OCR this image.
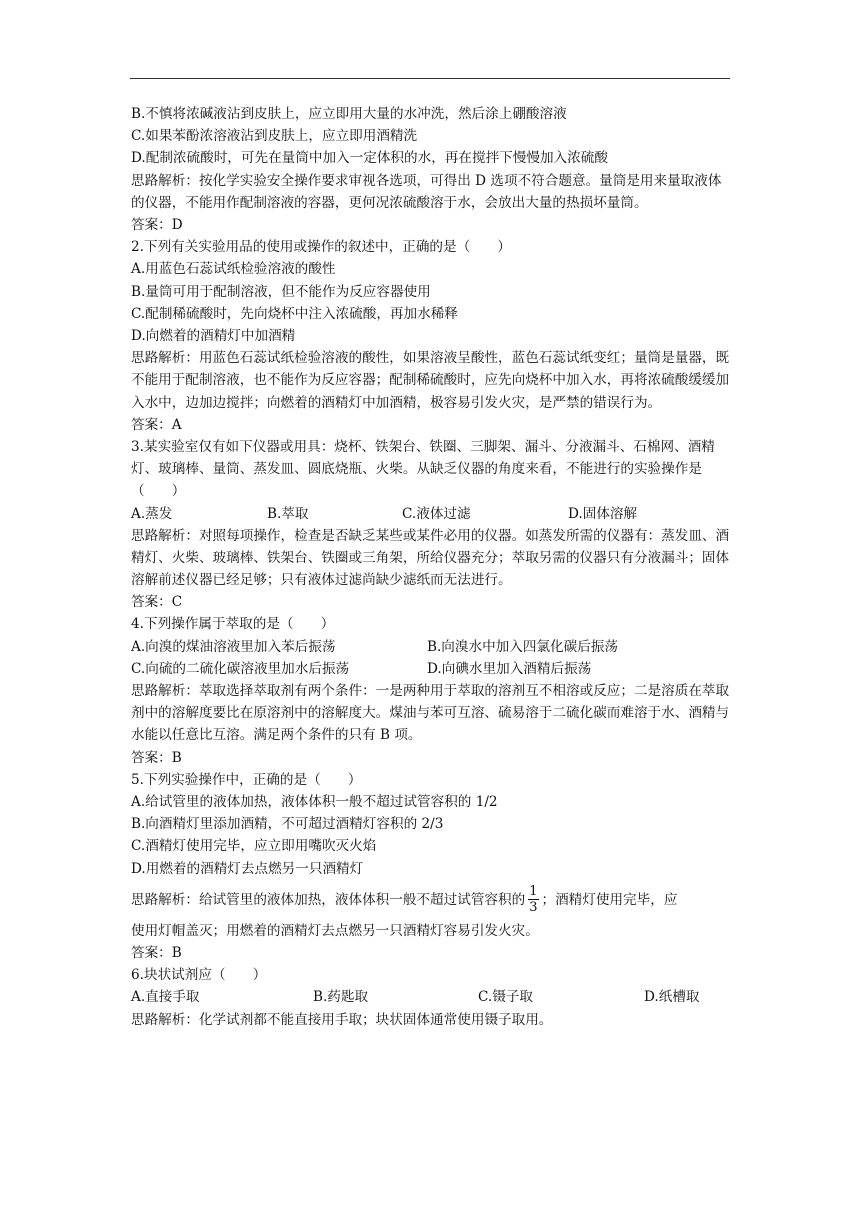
B.不慎将浓碱液沾到皮肤上，应立即用大量的水冲洗，然后涂上硼酸溶液
C.如果苯酚浓溶液沾到皮肤上，应立即用酒精洗
D.配制浓硫酸时，可先在量筒中加入一定体积的水，再在搅拌下慢慢加入浓硫酸
思路解析：按化学实验安全操作要求审视各选项，可得出 D 选项不符合题意。量筒是用来量取液体的仪器，不能用作配制溶液的容器，更何况浓硫酸溶于水，会放出大量的热损坏量筒。
答案：D
2.下列有关实验用品的使用或操作的叙述中，正确的是（　　）
A.用蓝色石蕊试纸检验溶液的酸性
B.量筒可用于配制溶液，但不能作为反应容器使用
C.配制稀硫酸时，先向烧杯中注入浓硫酸，再加水稀释
D.向燃着的酒精灯中加酒精
思路解析：用蓝色石蕊试纸检验溶液的酸性，如果溶液呈酸性，蓝色石蕊试纸变红；量筒是量器，既不能用于配制溶液，也不能作为反应容器；配制稀硫酸时，应先向烧杯中加入水，再将浓硫酸缓缓加入水中，边加边搅拌；向燃着的酒精灯中加酒精，极容易引发火灾，是严禁的错误行为。
答案：A
3.某实验室仅有如下仪器或用具：烧杯、铁架台、铁圈、三脚架、漏斗、分液漏斗、石棉网、酒精灯、玻璃棒、量筒、蒸发皿、圆底烧瓶、火柴。从缺乏仪器的角度来看，不能进行的实验操作是（　　）
A.蒸发	B.萃取	C.液体过滤	D.固体溶解
思路解析：对照每项操作，检查是否缺乏某些或某件必用的仪器。如蒸发所需的仪器有：蒸发皿、酒精灯、火柴、玻璃棒、铁架台、铁圈或三角架，所给仪器充分；萃取另需的仪器只有分液漏斗；固体溶解前述仪器已经足够；只有液体过滤尚缺少滤纸而无法进行。
答案：C
4.下列操作属于萃取的是（　　）
A.向溴的煤油溶液里加入苯后振荡	B.向溴水中加入四氯化碳后振荡
C.向硫的二硫化碳溶液里加水后振荡	D.向碘水里加入酒精后振荡
思路解析：萃取选择萃取剂有两个条件：一是两种用于萃取的溶剂互不相溶或反应；二是溶质在萃取剂中的溶解度要比在原溶剂中的溶解度大。煤油与苯可互溶、硫易溶于二硫化碳而难溶于水、酒精与水能以任意比互溶。满足两个条件的只有 B 项。
答案：B
5.下列实验操作中，正确的是（　　）
A.给试管里的液体加热，液体体积一般不超过试管容积的 1/2
B.向酒精灯里添加酒精，不可超过酒精灯容积的 2/3
C.酒精灯使用完毕，应立即用嘴吹灭火焰
D.用燃着的酒精灯去点燃另一只酒精灯
思路解析：给试管里的液体加热，液体体积一般不超过试管容积的 $\frac{1}{3}$ ；酒精灯使用完毕，应
使用灯帽盖灭；用燃着的酒精灯去点燃另一只酒精灯容易引发火灾。
答案：B
6.块状试剂应（　　）
A.直接手取	B.药匙取	C.镊子取	D.纸槽取
思路解析：化学试剂都不能直接用手取；块状固体通常使用镊子取用。
